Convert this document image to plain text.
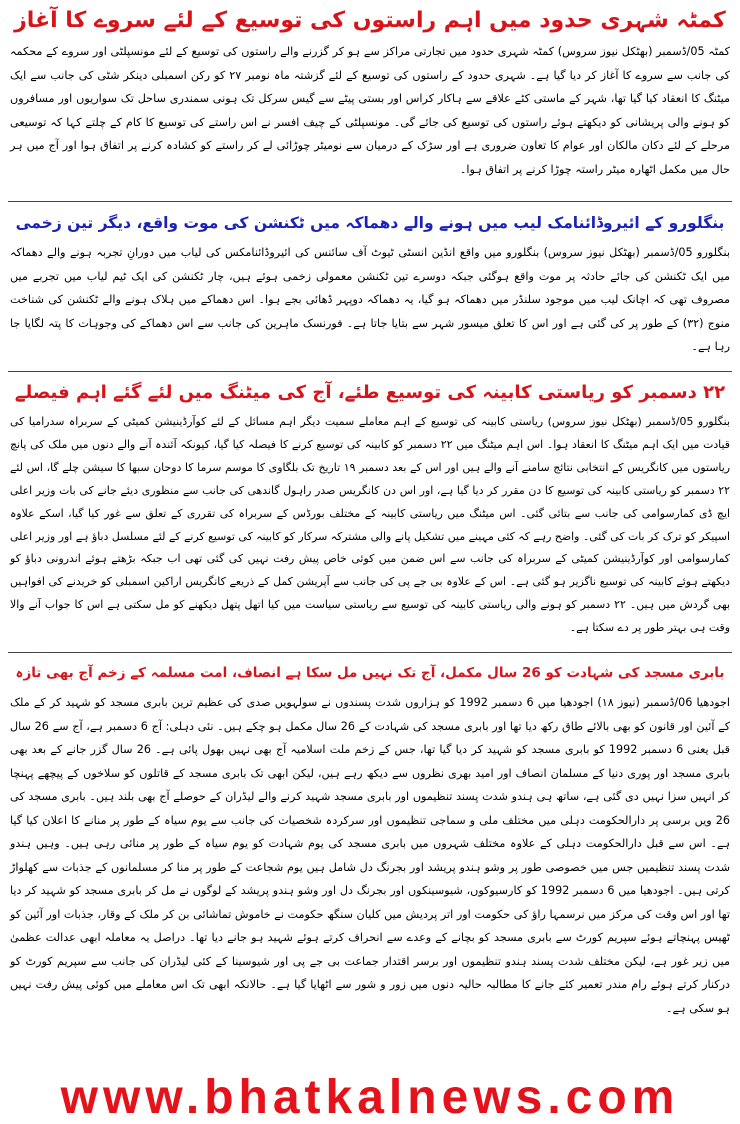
کمٹہ شہری حدود میں اہم راستوں کی توسیع کے لئے سروے کا آغاز

کمٹہ 05/ڈسمبر (بھٹکل نیوز سروس) کمٹہ شہری حدود میں تجارتی مراکز سے ہو کر گزرنے والے راستوں کی توسیع کے لئے مونسپلٹی اور سروے کے محکمہ کی جانب سے سروے کا آغاز کر دیا گیا ہے۔ شہری حدود کے راستوں کی توسیع کے لئے گزشتہ ماہ نومبر ۲۷ کو رکن اسمبلی دینکر شٹی کی جانب سے ایک میٹنگ کا انعقاد کیا گیا تھا، شہر کے ماستی کٹے علاقے سے ہاکار کراس اور بستی پیٹے سے گیس سرکل تک ہونی سمندری ساحل تک سواریوں اور مسافروں کو ہونے والی پریشانی کو دیکھتے ہوئے راستوں کی توسیع کی جائے گی۔ مونسپلٹی کے چیف افسر نے اس راستے کی توسیع کا کام کے چلتے کہا کہ توسیعی مرحلے کے لئے دکان مالکان اور عوام کا تعاون ضروری ہے اور سڑک کے درمیان سے نومیٹر چوڑائی لے کر راستے کو کشادہ کرنے پر اتفاق ہوا اور آج میں ہر حال میں مکمل اٹھارہ میٹر راستہ چوڑا کرنے پر اتفاق ہوا۔

بنگلورو کے ائیروڈائنامک لیب میں ہونے والے دھماکہ میں ٹکنشن کی موت واقع، دیگر تین زخمی

بنگلورو 05/ڈسمبر (بھٹکل نیوز سروس) بنگلورو میں واقع انڈین انسٹی ٹیوٹ آف سائنس کی ائیروڈائنامکس کی لیاب میں دورانِ تجربہ ہونے والے دھماکہ میں ایک ٹکنشن کی جائے حادثہ پر موت واقع ہوگئی جبکہ دوسرے تین ٹکنشن معمولی زخمی ہوئے ہیں، چار ٹکنشن کی ایک ٹیم لیاب میں تجربے میں مصروف تھی کہ اچانک لیب میں موجود سلنڈر میں دھماکہ ہو گیا، یہ دھماکہ دوپہر ڈھائی بجے ہوا۔ اس دھماکے میں ہلاک ہونے والے ٹکنشن کی شناخت منوج (۳۲) کے طور پر کی گئی ہے اور اس کا تعلق میسور شہر سے بتایا جاتا ہے۔ فورنسک ماہرین کی جانب سے اس دھماکے کی وجوہات کا پتہ لگایا جا رہا ہے۔

۲۲ دسمبر کو ریاستی کابینہ کی توسیع طئے، آج کی میٹنگ میں لئے گئے اہم فیصلے

بنگلورو 05/ڈسمبر (بھٹکل نیوز سروس) ریاستی کابینہ کی توسیع کے اہم معاملے سمیت دیگر اہم مسائل کے لئے کوآرڈینیشن کمیٹی کے سربراہ سدرامیا کی قیادت میں ایک اہم میٹنگ کا انعقاد ہوا۔ اس اہم میٹنگ میں ۲۲ دسمبر کو کابینہ کی توسیع کرنے کا فیصلہ کیا گیا، کیونکہ آئندہ آنے والے دنوں میں ملک کی پانچ ریاستوں میں کانگریس کے انتخابی نتائج سامنے آنے والے ہیں اور اس کے بعد دسمبر ۱۹ تاریخ تک بلگاوی کا موسم سرما کا دوحان سبھا کا سیشن چلے گا، اس لئے ۲۲ دسمبر کو ریاستی کابینہ کی توسیع کا دن مقرر کر دیا گیا ہے، اور اس دن کانگریس صدر راہول گاندھی کی جانب سے منظوری دیئے جانے کی بات وزیر اعلی ایچ ڈی کمارسوامی کی جانب سے بتائی گئی۔ اس میٹنگ میں ریاستی کابینہ کے مختلف بورڈس کے سربراہ کی تقرری کے تعلق سے غور کیا گیا، اسکے علاوہ اسپیکر کو ترک کر بات کی گئی۔ واضح رہے کہ کئی مہینے میں تشکیل پانے والی مشترکہ سرکار کو کابینہ کی توسیع کرنے کے لئے مسلسل دباؤ ہے اور وزیر اعلی کمارسوامی اور کوآرڈینیشن کمیٹی کے سربراہ کی جانب سے اس ضمن میں کوئی خاص پیش رفت نہیں کی گئی تھی اب جبکہ بڑھتے ہوئے اندرونی دباؤ کو دیکھتے ہوئے کابینہ کی توسیع ناگزیر ہو گئی ہے۔ اس کے علاوہ بی جے پی کی جانب سے آپریشن کمل کے ذریعے کانگریس اراکین اسمبلی کو خریدنے کی افواہیں بھی گردش میں ہیں۔ ۲۲ دسمبر کو ہونے والی ریاستی کابینہ کی توسیع سے ریاستی سیاست میں کیا اتھل پتھل دیکھنے کو مل سکتی ہے اس کا جواب آنے والا وقت ہی بہتر طور پر دے سکتا ہے۔

بابری مسجد کی شہادت کو 26 سال مکمل، آج تک نہیں مل سکا ہے انصاف، امت مسلمہ کے زخم آج بھی تازہ

اجودھیا 06/ڈسمبر (نیوز ۱۸) اجودھیا میں 6 دسمبر 1992 کو ہزاروں شدت پسندوں نے سولہویں صدی کی عظیم ترین بابری مسجد کو شہید کر کے ملک کے آئین اور قانون کو بھی بالائے طاق رکھ دیا تھا اور بابری مسجد کی شہادت کے 26 سال مکمل ہو چکے ہیں۔ نئی دہلی: آج 6 دسمبر ہے، آج سے 26 سال قبل یعنی 6 دسمبر 1992 کو بابری مسجد کو شہید کر دیا گیا تھا، جس کے زخم ملت اسلامیہ آج بھی نہیں بھول پائی ہے۔ 26 سال گزر جانے کے بعد بھی بابری مسجد اور پوری دنیا کے مسلمان انصاف اور امید بھری نظروں سے دیکھ رہے ہیں، لیکن ابھی تک بابری مسجد کے قاتلوں کو سلاخوں کے پیچھے پہنچا کر انہیں سزا نہیں دی گئی ہے، ساتھ ہی ہندو شدت پسند تنظیموں اور بابری مسجد شہید کرنے والے لیڈران کے حوصلے آج بھی بلند ہیں۔ بابری مسجد کی 26 ویں برسی پر دارالحکومت دہلی میں مختلف ملی و سماجی تنظیموں اور سرکردہ شخصیات کی جانب سے یوم سیاہ کے طور پر منانے کا اعلان کیا گیا ہے۔ اس سے قبل دارالحکومت دہلی کے علاوہ مختلف شہروں میں بابری مسجد کی یوم شہادت کو یوم سیاہ کے طور پر منائی رہی ہیں۔ وہیں ہندو شدت پسند تنظیمیں جس میں خصوصی طور پر وشو ہندو پریشد اور بجرنگ دل شامل ہیں یوم شجاعت کے طور پر منا کر مسلمانوں کے جذبات سے کھلواڑ کرتی ہیں۔ اجودھیا میں 6 دسمبر 1992 کو کارسیوکوں، شیوسینکوں اور بجرنگ دل اور وشو ہندو پریشد کے لوگوں نے مل کر بابری مسجد کو شہید کر دیا تھا اور اس وقت کی مرکز میں نرسمہا راؤ کی حکومت اور اتر پردیش میں کلیان سنگھ حکومت نے خاموش تماشائی بن کر ملک کے وقار، جذبات اور آئین کو ٹھیس پہنچاتے ہوئے سپریم کورٹ سے بابری مسجد کو بچانے کے وعدے سے انحراف کرتے ہوئے شہید ہو جانے دیا تھا۔ دراصل یہ معاملہ ابھی عدالت عظمیٰ میں زیر غور ہے، لیکن مختلف شدت پسند ہندو تنظیموں اور برسر اقتدار جماعت بی جے پی اور شیوسینا کے کئی لیڈران کی جانب سے سپریم کورٹ کو درکنار کرتے ہوئے رام مندر تعمیر کئے جانے کا مطالبہ حالیہ دنوں میں زور و شور سے اٹھایا گیا ہے۔ حالانکہ ابھی تک اس معاملے میں کوئی پیش رفت نہیں ہو سکی ہے۔

www.bhatkalnews.com
